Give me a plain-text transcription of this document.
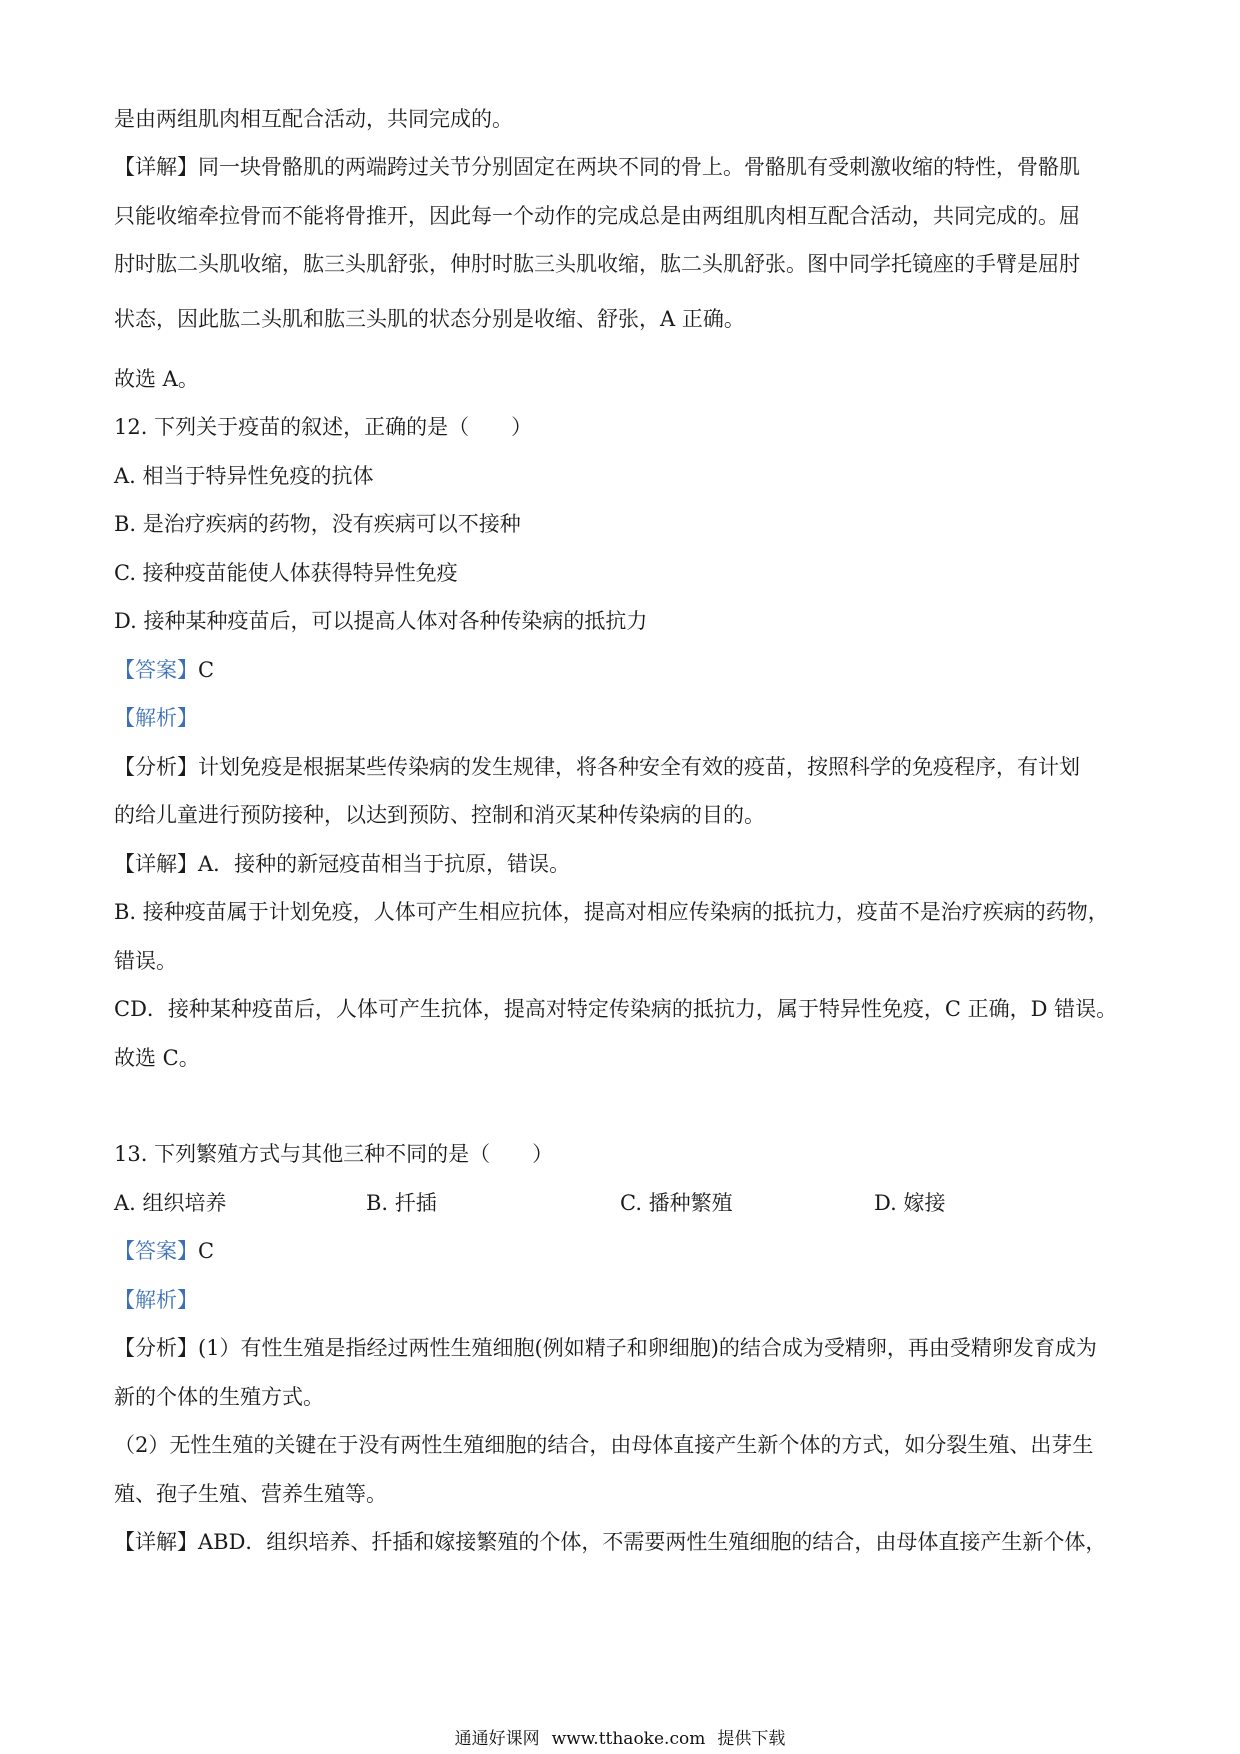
是由两组肌肉相互配合活动，共同完成的。
【详解】同一块骨骼肌的两端跨过关节分别固定在两块不同的骨上。骨骼肌有受刺激收缩的特性，骨骼肌
只能收缩牵拉骨而不能将骨推开，因此每一个动作的完成总是由两组肌肉相互配合活动，共同完成的。屈
肘时肱二头肌收缩，肱三头肌舒张，伸肘时肱三头肌收缩，肱二头肌舒张。图中同学托镜座的手臂是屈肘
状态，因此肱二头肌和肱三头肌的状态分别是收缩、舒张，A 正确。
故选 A。
12. 下列关于疫苗的叙述，正确的是（　　）
A. 相当于特异性免疫的抗体
B. 是治疗疾病的药物，没有疾病可以不接种
C. 接种疫苗能使人体获得特异性免疫
D. 接种某种疫苗后，可以提高人体对各种传染病的抵抗力
【答案】C
【解析】
【分析】计划免疫是根据某些传染病的发生规律，将各种安全有效的疫苗，按照科学的免疫程序，有计划
的给儿童进行预防接种，以达到预防、控制和消灭某种传染病的目的。
【详解】A．接种的新冠疫苗相当于抗原，错误。
B. 接种疫苗属于计划免疫，人体可产生相应抗体，提高对相应传染病的抵抗力，疫苗不是治疗疾病的药物，
错误。
CD．接种某种疫苗后，人体可产生抗体，提高对特定传染病的抵抗力，属于特异性免疫，C 正确，D 错误。
故选 C。
13. 下列繁殖方式与其他三种不同的是（　　）
A. 组织培养	B. 扦插	C. 播种繁殖	D. 嫁接
【答案】C
【解析】
【分析】(1）有性生殖是指经过两性生殖细胞(例如精子和卵细胞)的结合成为受精卵，再由受精卵发育成为
新的个体的生殖方式。
（2）无性生殖的关键在于没有两性生殖细胞的结合，由母体直接产生新个体的方式，如分裂生殖、出芽生
殖、孢子生殖、营养生殖等。
【详解】ABD．组织培养、扦插和嫁接繁殖的个体，不需要两性生殖细胞的结合，由母体直接产生新个体，
通通好课网 www.tthaoke.com 提供下载
